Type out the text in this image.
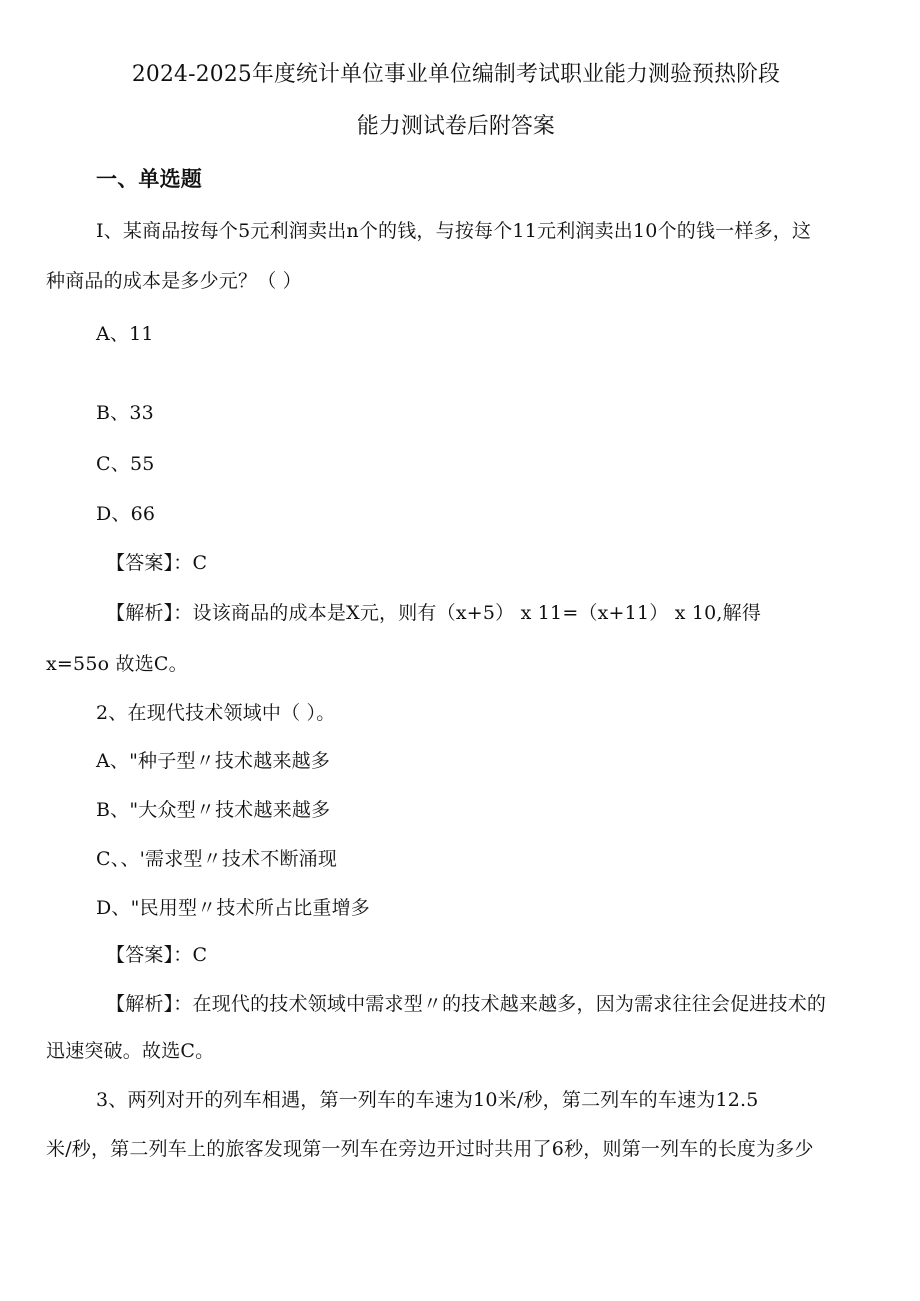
2024-2025年度统计单位事业单位编制考试职业能力测验预热阶段
能力测试卷后附答案
一、单选题
I、某商品按每个5元利润卖出n个的钱，与按每个11元利润卖出10个的钱一样多，这
种商品的成本是多少元？（ ）
A、11
B、33
C、55
D、66
【答案】：C
【解析】：设该商品的成本是X元，则有（x+5） x 11=（x+11） x 10,解得
x=55o 故选C。
2、在现代技术领域中（ ）。
A、"种子型〃技术越来越多
B、"大众型〃技术越来越多
C、、'需求型〃技术不断涌现
D、"民用型〃技术所占比重增多
【答案】：C
【解析】：在现代的技术领域中需求型〃的技术越来越多，因为需求往往会促进技术的
迅速突破。故选C。
3、两列对开的列车相遇，第一列车的车速为10米/秒，第二列车的车速为12.5
米/秒，第二列车上的旅客发现第一列车在旁边开过时共用了6秒，则第一列车的长度为多少
